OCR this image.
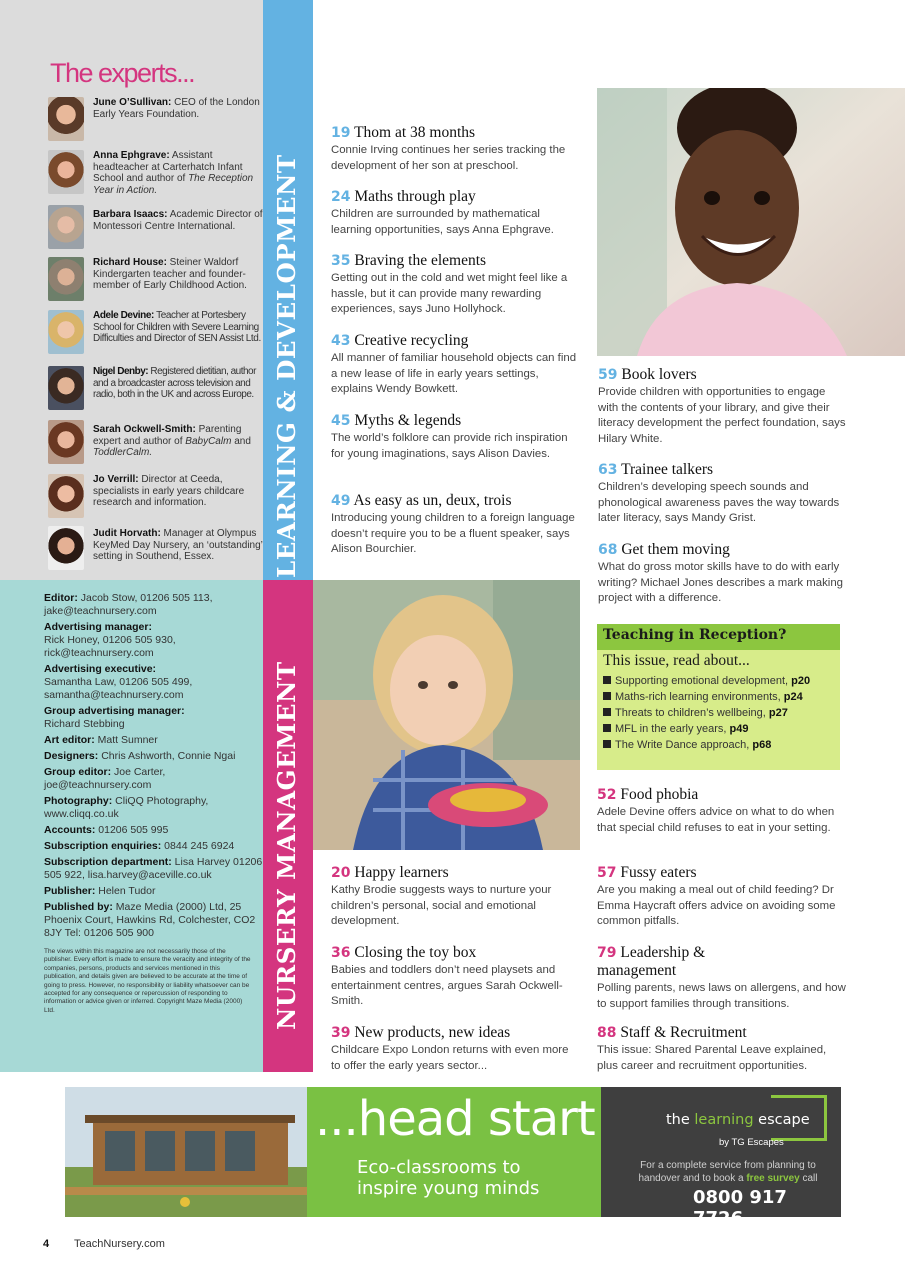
The experts...
June O’Sullivan: CEO of the London Early Years Foundation.
Anna Ephgrave: Assistant headteacher at Carterhatch Infant School and author of The Reception Year in Action.
Barbara Isaacs: Academic Director of Montessori Centre International.
Richard House: Steiner Waldorf Kindergarten teacher and founder-member of Early Childhood Action.
Adele Devine: Teacher at Portesbery School for Children with Severe Learning Difficulties and Director of SEN Assist Ltd.
Nigel Denby: Registered dietitian, author and a broadcaster across television and radio, both in the UK and across Europe.
Sarah Ockwell-Smith: Parenting expert and author of BabyCalm and ToddlerCalm.
Jo Verrill: Director at Ceeda, specialists in early years childcare research and information.
Judit Horvath: Manager at Olympus KeyMed Day Nursery, an ‘outstanding’ setting in Southend, Essex.
Editor: Jacob Stow, 01206 505 113, jake@teachnursery.com
Advertising manager:
Rick Honey, 01206 505 930, rick@teachnursery.com
Advertising executive:
Samantha Law, 01206 505 499, samantha@teachnursery.com
Group advertising manager:
Richard Stebbing
Art editor: Matt Sumner
Designers: Chris Ashworth, Connie Ngai
Group editor: Joe Carter, joe@teachnursery.com
Photography: CliQQ Photography, www.cliqq.co.uk
Accounts: 01206 505 995
Subscription enquiries: 0844 245 6924
Subscription department: Lisa Harvey 01206 505 922, lisa.harvey@aceville.co.uk
Publisher: Helen Tudor
Published by: Maze Media (2000) Ltd, 25 Phoenix Court, Hawkins Rd, Colchester, CO2 8JY Tel: 01206 505 900
The views within this magazine are not necessarily those of the publisher. Every effort is made to ensure the veracity and integrity of the companies, persons, products and services mentioned in this publication, and details given are believed to be accurate at the time of going to press. However, no responsibility or liability whatsoever can be accepted for any consequence or repercussion of responding to information or advice given or inferred. Copyright Maze Media (2000) Ltd.
LEARNING & DEVELOPMENT
NURSERY MANAGEMENT
19 Thom at 38 months
Connie Irving continues her series tracking the development of her son at preschool.
24 Maths through play
Children are surrounded by mathematical learning opportunities, says Anna Ephgrave.
35 Braving the elements
Getting out in the cold and wet might feel like a hassle, but it can provide many rewarding experiences, says Juno Hollyhock.
43 Creative recycling
All manner of familiar household objects can find a new lease of life in early years settings, explains Wendy Bowkett.
45 Myths & legends
The world’s folklore can provide rich inspiration for young imaginations, says Alison Davies.
49 As easy as un, deux, trois
Introducing young children to a foreign language doesn’t require you to be a fluent speaker, says Alison Bourchier.
59 Book lovers
Provide children with opportunities to engage with the contents of your library, and give their literacy development the perfect foundation, says Hilary White.
63 Trainee talkers
Children’s developing speech sounds and phonological awareness paves the way towards later literacy, says Mandy Grist.
68 Get them moving
What do gross motor skills have to do with early writing? Michael Jones describes a mark making project with a difference.
Teaching in Reception?
This issue, read about...
Supporting emotional development, p20
Maths-rich learning environments, p24
Threats to children’s wellbeing, p27
MFL in the early years, p49
The Write Dance approach, p68
20 Happy learners
Kathy Brodie suggests ways to nurture your children’s personal, social and emotional development.
36 Closing the toy box
Babies and toddlers don’t need playsets and entertainment centres, argues Sarah Ockwell-Smith.
39 New products, new ideas
Childcare Expo London returns with even more to offer the early years sector...
52 Food phobia
Adele Devine offers advice on what to do when that special child refuses to eat in your setting.
57 Fussy eaters
Are you making a meal out of child feeding? Dr Emma Haycraft offers advice on avoiding some common pitfalls.
79 Leadership & management
Polling parents, news laws on allergens, and how to support families through transitions.
88 Staff & Recruitment
This issue: Shared Parental Leave explained, plus career and recruitment opportunities.
...head start
Eco-classrooms to
inspire young minds
the learning escape
by TG Escapes
For a complete service from planning to handover and to book a free survey call
0800 917 7726
4 TeachNursery.com
